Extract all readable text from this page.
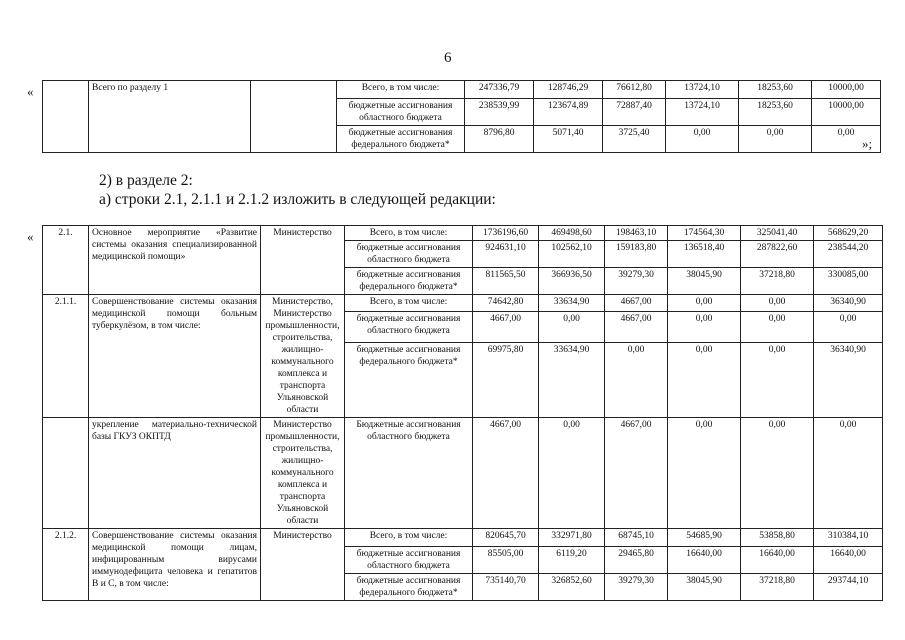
6
«
		Всего по разделу 1		Всего, в том числе:	247336,79	128746,29	76612,80	13724,10	18253,60	10000,00
			бюджетные ассигнования областного бюджета	238539,99	123674,89	72887,40	13724,10	18253,60	10000,00
			бюджетные ассигнования федерального бюджета*	8796,80	5071,40	3725,40	0,00	0,00	0,00
»;
2) в разделе 2:
а) строки 2.1, 2.1.1 и 2.1.2 изложить в следующей редакции:
«	2.1.	Основное мероприятие «Развитие системы оказания специализированной медицинской помощи»	Министерство	Всего, в том числе:	1736196,60	469498,60	198463,10	174564,30	325041,40	568629,20
			бюджетные ассигнования областного бюджета	924631,10	102562,10	159183,80	136518,40	287822,60	238544,20
			бюджетные ассигнования федерального бюджета*	811565,50	366936,50	39279,30	38045,90	37218,80	330085,00
2.1.1.	Совершенствование системы оказания медицинской помощи больным туберкулёзом, в том числе:	Министерство, Министерство промышленности, строительства, жилищно-коммунального комплекса и транспорта Ульяновской области	Всего, в том числе:	74642,80	33634,90	4667,00	0,00	0,00	36340,90
			бюджетные ассигнования областного бюджета	4667,00	0,00	4667,00	0,00	0,00	0,00
			бюджетные ассигнования федерального бюджета*	69975,80	33634,90	0,00	0,00	0,00	36340,90
	укрепление материально-технической базы ГКУЗ ОКПТД	Министерство промышленности, строительства, жилищно-коммунального комплекса и транспорта Ульяновской области	Бюджетные ассигнования областного бюджета	4667,00	0,00	4667,00	0,00	0,00	0,00
2.1.2.	Совершенствование системы оказания медицинской помощи лицам, инфицированным вирусами иммунодефицита человека и гепатитов В и С, в том числе:	Министерство	Всего, в том числе:	820645,70	332971,80	68745,10	54685,90	53858,80	310384,10
			бюджетные ассигнования областного бюджета	85505,00	6119,20	29465,80	16640,00	16640,00	16640,00
			бюджетные ассигнования федерального бюджета*	735140,70	326852,60	39279,30	38045,90	37218,80	293744,10
